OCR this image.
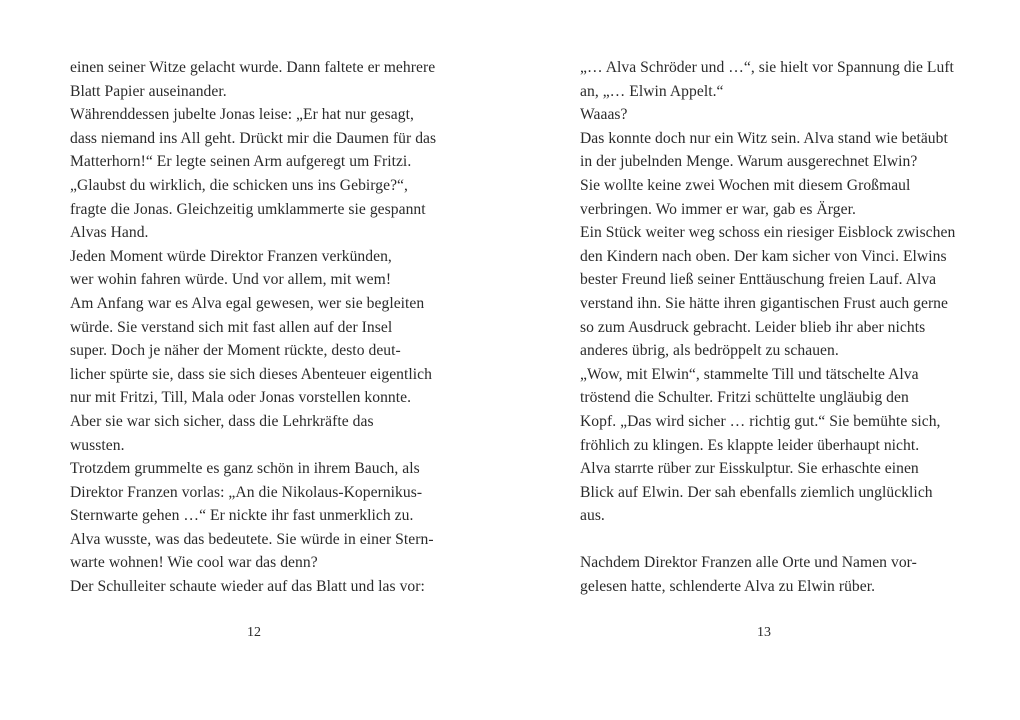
einen seiner Witze gelacht wurde. Dann faltete er mehrere
Blatt Papier auseinander.
Währenddessen jubelte Jonas leise: „Er hat nur gesagt,
dass niemand ins All geht. Drückt mir die Daumen für das
Matterhorn!“ Er legte seinen Arm aufgeregt um Fritzi.
„Glaubst du wirklich, die schicken uns ins Gebirge?“,
fragte die Jonas. Gleichzeitig umklammerte sie gespannt
Alvas Hand.
Jeden Moment würde Direktor Franzen verkünden,
wer wohin fahren würde. Und vor allem, mit wem!
Am Anfang war es Alva egal gewesen, wer sie begleiten
würde. Sie verstand sich mit fast allen auf der Insel
super. Doch je näher der Moment rückte, desto deut-
licher spürte sie, dass sie sich dieses Abenteuer eigentlich
nur mit Fritzi, Till, Mala oder Jonas vorstellen konnte.
Aber sie war sich sicher, dass die Lehrkräfte das
wussten.
Trotzdem grummelte es ganz schön in ihrem Bauch, als
Direktor Franzen vorlas: „An die Nikolaus-Kopernikus-
Sternwarte gehen …“ Er nickte ihr fast unmerklich zu.
Alva wusste, was das bedeutete. Sie würde in einer Stern-
warte wohnen! Wie cool war das denn?
Der Schulleiter schaute wieder auf das Blatt und las vor:
12
„… Alva Schröder und …“, sie hielt vor Spannung die Luft
an, „… Elwin Appelt.“
Waaas?
Das konnte doch nur ein Witz sein. Alva stand wie betäubt
in der jubelnden Menge. Warum ausgerechnet Elwin?
Sie wollte keine zwei Wochen mit diesem Großmaul
verbringen. Wo immer er war, gab es Ärger.
Ein Stück weiter weg schoss ein riesiger Eisblock zwischen
den Kindern nach oben. Der kam sicher von Vinci. Elwins
bester Freund ließ seiner Enttäuschung freien Lauf. Alva
verstand ihn. Sie hätte ihren gigantischen Frust auch gerne
so zum Ausdruck gebracht. Leider blieb ihr aber nichts
anderes übrig, als bedröppelt zu schauen.
„Wow, mit Elwin“, stammelte Till und tätschelte Alva
tröstend die Schulter. Fritzi schüttelte ungläubig den
Kopf. „Das wird sicher … richtig gut.“ Sie bemühte sich,
fröhlich zu klingen. Es klappte leider überhaupt nicht.
Alva starrte rüber zur Eisskulptur. Sie erhaschte einen
Blick auf Elwin. Der sah ebenfalls ziemlich unglücklich
aus.
Nachdem Direktor Franzen alle Orte und Namen vor-
gelesen hatte, schlenderte Alva zu Elwin rüber.
13
